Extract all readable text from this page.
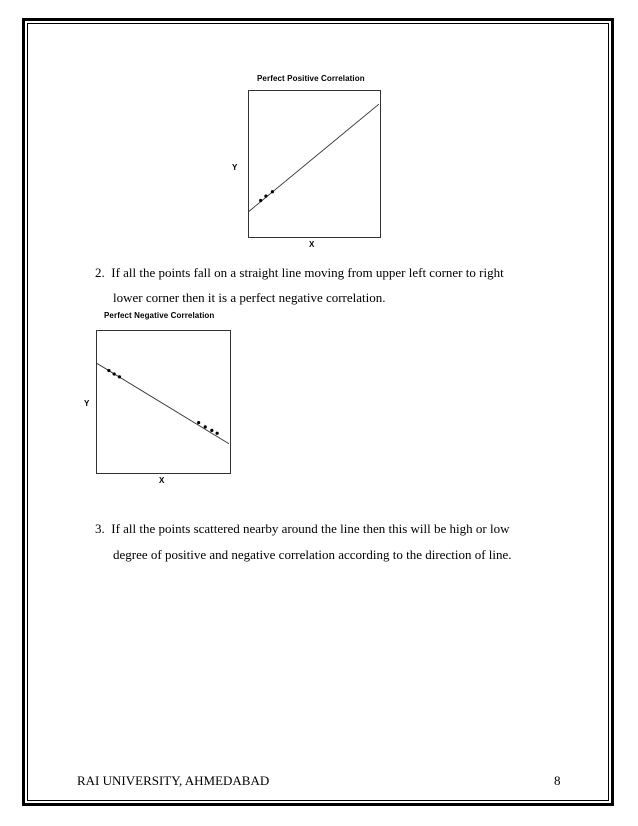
Perfect Positive Correlation
Y
X
2. If all the points fall on a straight line moving from upper left corner to right
lower corner then it is a perfect negative correlation.
Perfect Negative Correlation
Y
X
3. If all the points scattered nearby around the line then this will be high or low
degree of positive and negative correlation according to the direction of line.
RAI UNIVERSITY, AHMEDABAD	8
